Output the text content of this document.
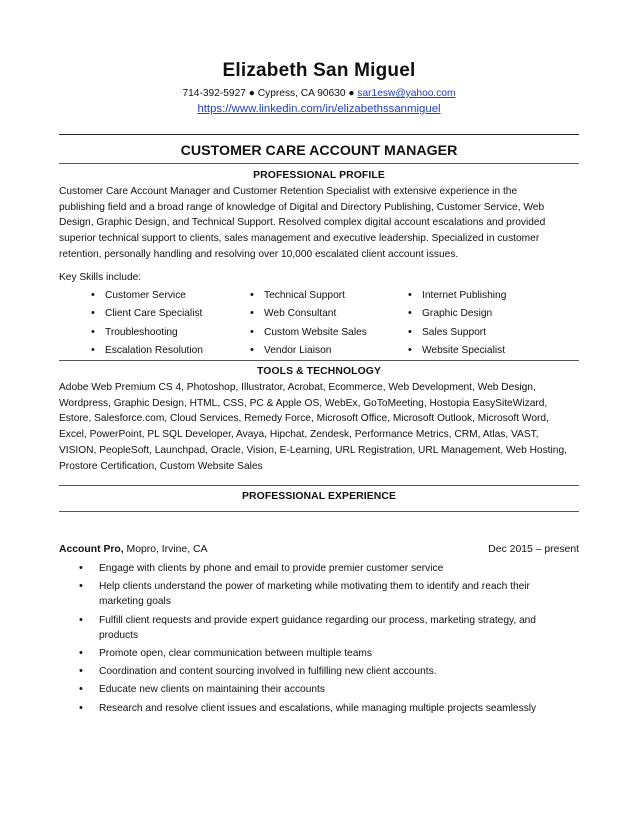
Elizabeth San Miguel
714-392-5927 ● Cypress, CA 90630 ● sar1esw@yahoo.com
https://www.linkedin.com/in/elizabethssanmiguel
CUSTOMER CARE ACCOUNT MANAGER
PROFESSIONAL PROFILE
Customer Care Account Manager and Customer Retention Specialist with extensive experience in the
publishing field and a broad range of knowledge of Digital and Directory Publishing, Customer Service, Web
Design, Graphic Design, and Technical Support. Resolved complex digital account escalations and provided
superior technical support to clients, sales management and executive leadership. Specialized in customer
retention, personally handling and resolving over 10,000 escalated client account issues.
Key Skills include:
• Customer Service
• Client Care Specialist
• Troubleshooting
• Escalation Resolution
• Technical Support
• Web Consultant
• Custom Website Sales
• Vendor Liaison
• Internet Publishing
• Graphic Design
• Sales Support
• Website Specialist
TOOLS & TECHNOLOGY
Adobe Web Premium CS 4, Photoshop, Illustrator, Acrobat, Ecommerce, Web Development, Web Design,
Wordpress, Graphic Design, HTML, CSS, PC & Apple OS, WebEx, GoToMeeting, Hostopia EasySiteWizard,
Estore, Salesforce.com, Cloud Services, Remedy Force, Microsoft Office, Microsoft Outlook, Microsoft Word,
Excel, PowerPoint, PL SQL Developer, Avaya, Hipchat, Zendesk, Performance Metrics, CRM, Atlas, VAST,
VISION, PeopleSoft, Launchpad, Oracle, Vision, E-Learning, URL Registration, URL Management, Web Hosting,
Prostore Certification, Custom Website Sales
PROFESSIONAL EXPERIENCE
Account Pro, Mopro, Irvine, CA	Dec 2015 – present
• Engage with clients by phone and email to provide premier customer service
• Help clients understand the power of marketing while motivating them to identify and reach their
marketing goals
• Fulfill client requests and provide expert guidance regarding our process, marketing strategy, and
products
• Promote open, clear communication between multiple teams
• Coordination and content sourcing involved in fulfilling new client accounts.
• Educate new clients on maintaining their accounts
• Research and resolve client issues and escalations, while managing multiple projects seamlessly
